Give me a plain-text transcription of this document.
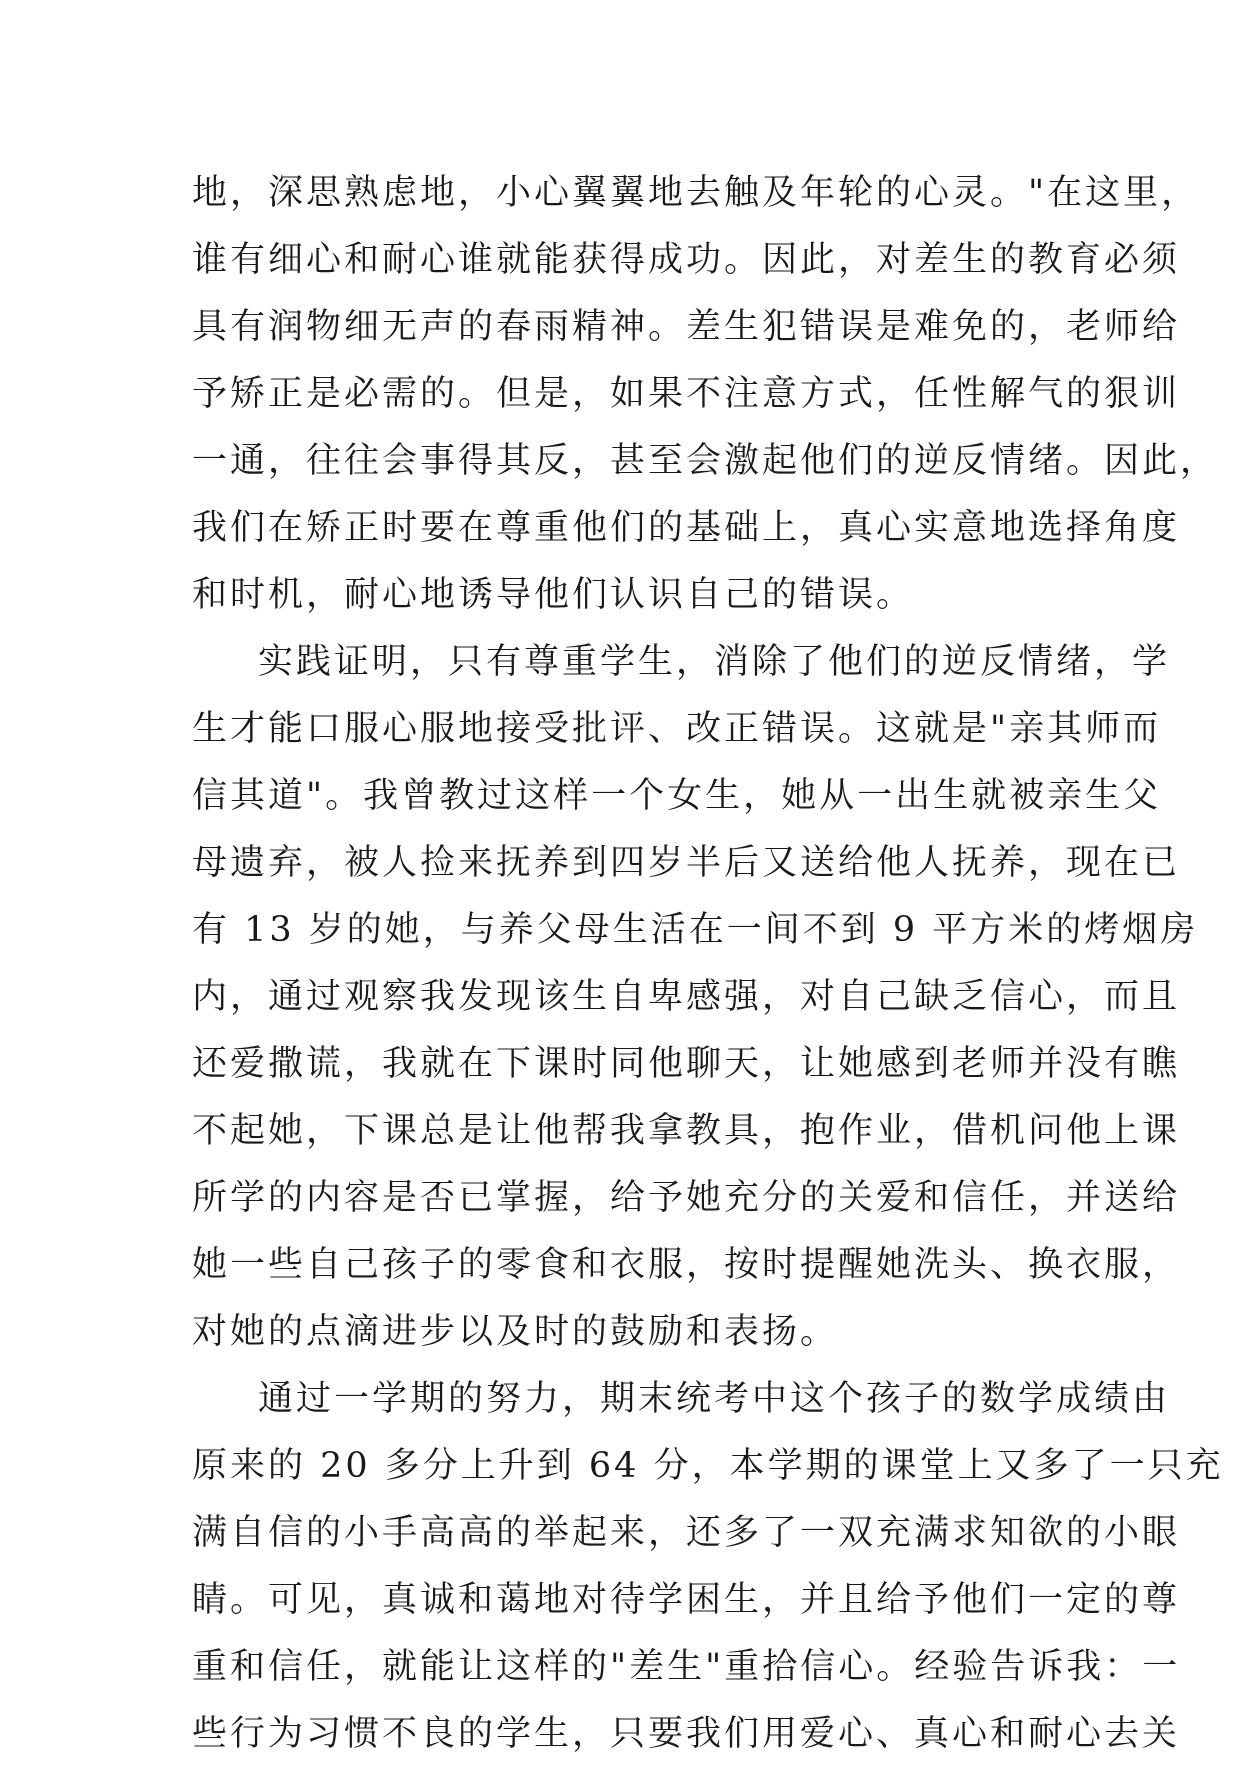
地，深思熟虑地，小心翼翼地去触及年轮的心灵。"在这里，
谁有细心和耐心谁就能获得成功。因此，对差生的教育必须
具有润物细无声的春雨精神。差生犯错误是难免的，老师给
予矫正是必需的。但是，如果不注意方式，任性解气的狠训
一通，往往会事得其反，甚至会激起他们的逆反情绪。因此，
我们在矫正时要在尊重他们的基础上，真心实意地选择角度
和时机，耐心地诱导他们认识自己的错误。
实践证明，只有尊重学生，消除了他们的逆反情绪，学
生才能口服心服地接受批评、改正错误。这就是"亲其师而
信其道"。我曾教过这样一个女生，她从一出生就被亲生父
母遗弃，被人捡来抚养到四岁半后又送给他人抚养，现在已
有 13 岁的她，与养父母生活在一间不到 9 平方米的烤烟房
内，通过观察我发现该生自卑感强，对自己缺乏信心，而且
还爱撒谎，我就在下课时同他聊天，让她感到老师并没有瞧
不起她，下课总是让他帮我拿教具，抱作业，借机问他上课
所学的内容是否已掌握，给予她充分的关爱和信任，并送给
她一些自己孩子的零食和衣服，按时提醒她洗头、换衣服，
对她的点滴进步以及时的鼓励和表扬。
通过一学期的努力，期末统考中这个孩子的数学成绩由
原来的 20 多分上升到 64 分，本学期的课堂上又多了一只充
满自信的小手高高的举起来，还多了一双充满求知欲的小眼
睛。可见，真诚和蔼地对待学困生，并且给予他们一定的尊
重和信任，就能让这样的"差生"重拾信心。经验告诉我：一
些行为习惯不良的学生，只要我们用爱心、真心和耐心去关
